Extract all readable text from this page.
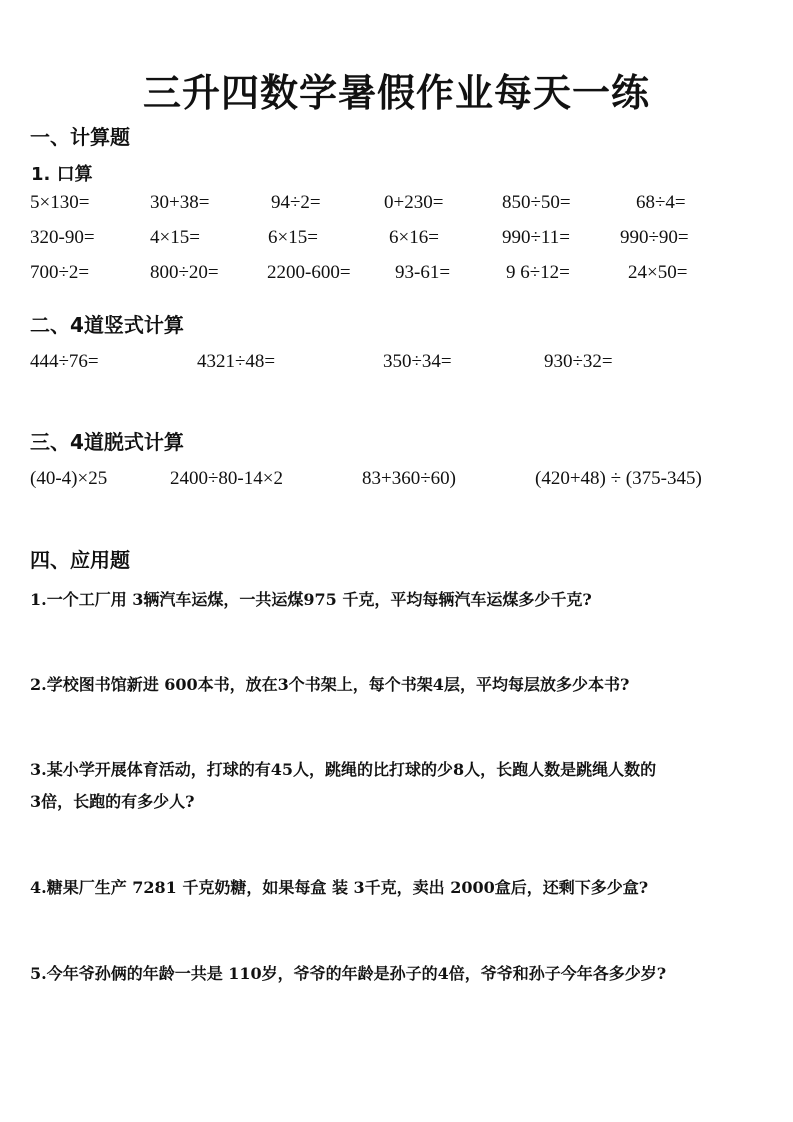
三升四数学暑假作业每天一练
一、计算题
1. 口算
5×130=	30+38=	94÷2=	0+230=	850÷50=	68÷4=
320-90=	4×15=	6×15=	6×16=	990÷11=	990÷90=
700÷2=	800÷20=	2200-600= 93-61=	9 6÷12=	24×50=
二、4道竖式计算
444÷76=	4321÷48=	350÷34=	930÷32=
三、4道脱式计算
(40-4)×25	2400÷80-14×2	83+360÷60)	(420+48) ÷ (375-345)
四、应用题
1.一个工厂用 3辆汽车运煤，一共运煤975 千克，平均每辆汽车运煤多少千克?
2.学校图书馆新进 600本书，放在3个书架上，每个书架4层，平均每层放多少本书?
3.某小学开展体育活动，打球的有45人，跳绳的比打球的少8人，长跑人数是跳绳人数的
3倍，长跑的有多少人?
4.糖果厂生产 7281 千克奶糖，如果每盒 装 3千克，卖出 2000盒后，还剩下多少盒?
5.今年爷孙俩的年龄一共是 110岁，爷爷的年龄是孙子的4倍，爷爷和孙子今年各多少岁?
